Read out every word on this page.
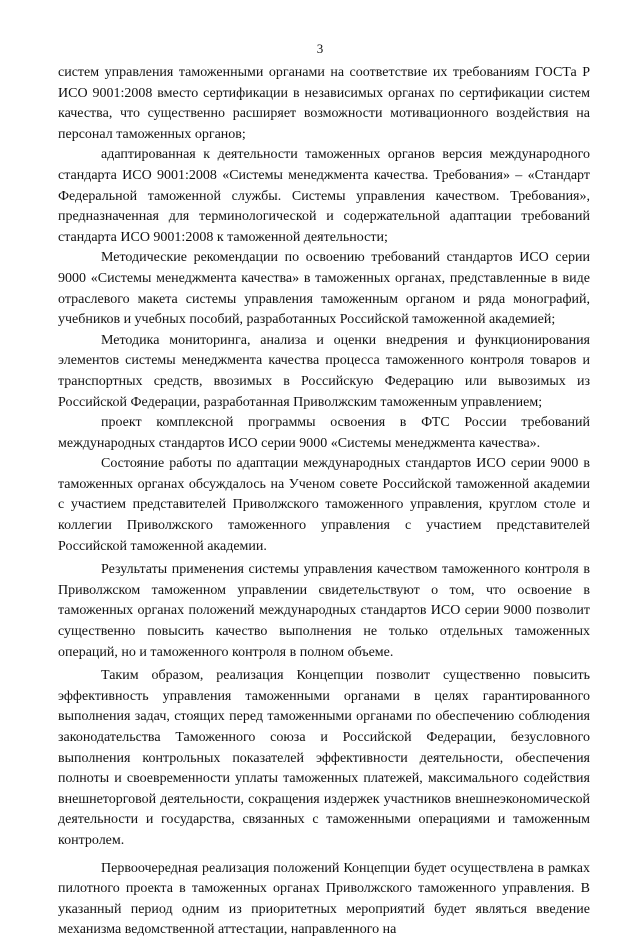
3

систем управления таможенными органами на соответствие их требованиям ГОСТа Р ИСО 9001:2008 вместо сертификации в независимых органах по сертификации систем качества, что существенно расширяет возможности мотивационного воздействия на персонал таможенных органов;

адаптированная к деятельности таможенных органов версия международного стандарта ИСО 9001:2008 «Системы менеджмента качества. Требования» – «Стандарт Федеральной таможенной службы. Системы управления качеством. Требования», предназначенная для терминологической и содержательной адаптации требований стандарта ИСО 9001:2008 к таможенной деятельности;

Методические рекомендации по освоению требований стандартов ИСО серии 9000 «Системы менеджмента качества» в таможенных органах, представленные в виде отраслевого макета системы управления таможенным органом и ряда монографий, учебников и учебных пособий, разработанных Российской таможенной академией;

Методика мониторинга, анализа и оценки внедрения и функционирования элементов системы менеджмента качества процесса таможенного контроля товаров и транспортных средств, ввозимых в Российскую Федерацию или вывозимых из Российской Федерации, разработанная Приволжским таможенным управлением;

проект комплексной программы освоения в ФТС России требований международных стандартов ИСО серии 9000 «Системы менеджмента качества».

Состояние работы по адаптации международных стандартов ИСО серии 9000 в таможенных органах обсуждалось на Ученом совете Российской таможенной академии с участием представителей Приволжского таможенного управления, круглом столе и коллегии Приволжского таможенного управления с участием представителей Российской таможенной академии.

Результаты применения системы управления качеством таможенного контроля в Приволжском таможенном управлении свидетельствуют о том, что освоение в таможенных органах положений международных стандартов ИСО серии 9000 позволит существенно повысить качество выполнения не только отдельных таможенных операций, но и таможенного контроля в полном объеме.

Таким образом, реализация Концепции позволит существенно повысить эффективность управления таможенными органами в целях гарантированного выполнения задач, стоящих перед таможенными органами по обеспечению соблюдения законодательства Таможенного союза и Российской Федерации, безусловного выполнения контрольных показателей эффективности деятельности, обеспечения полноты и своевременности уплаты таможенных платежей, максимального содействия внешнеторговой деятельности, сокращения издержек участников внешнеэкономической деятельности и государства, связанных с таможенными операциями и таможенным контролем.

Первоочередная реализация положений Концепции будет осуществлена в рамках пилотного проекта в таможенных органах Приволжского таможенного управления. В указанный период одним из приоритетных мероприятий будет являться введение механизма ведомственной аттестации, направленного на
